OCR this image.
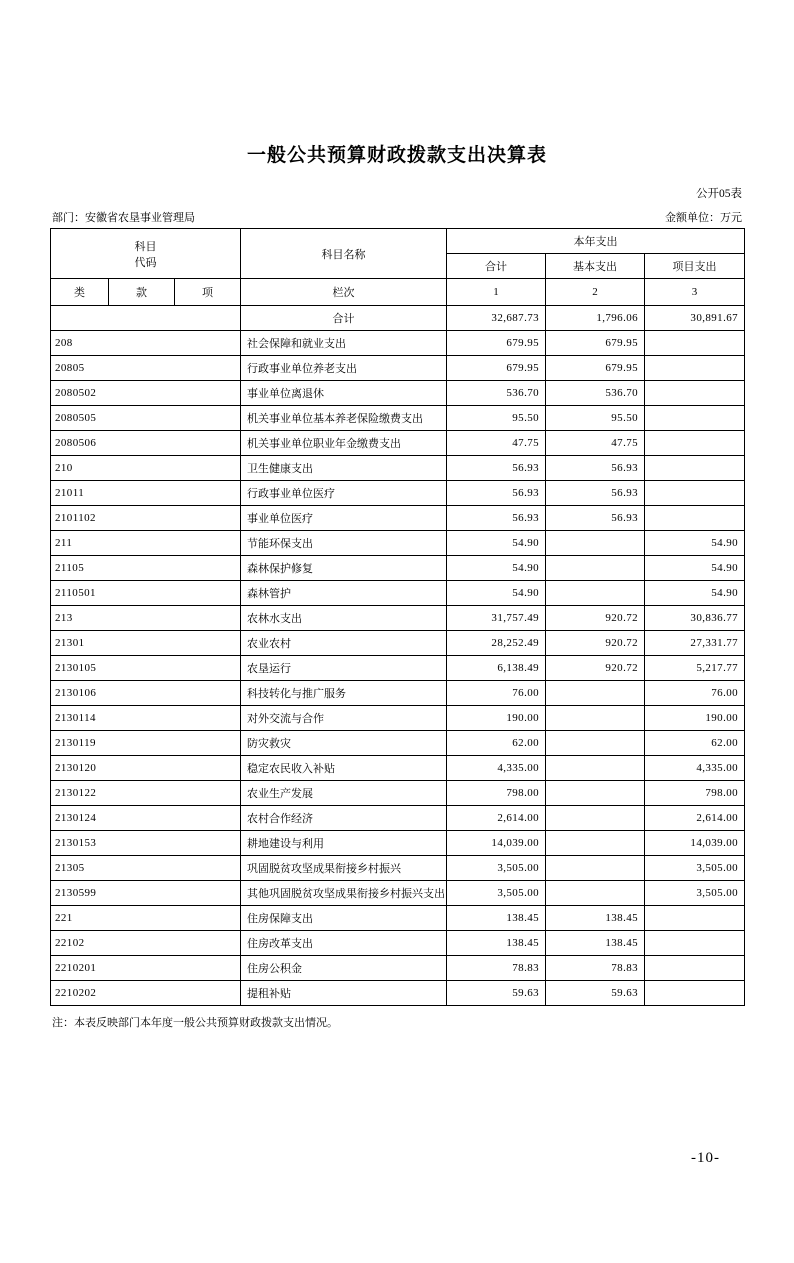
一般公共预算财政拨款支出决算表
公开05表
部门：安徽省农垦事业管理局	金额单位：万元
科目
代码			科目名称	本年支出		
				合计	基本支出	项目支出
类	款	项	栏次	1	2	3
			合计	32,687.73	1,796.06	30,891.67
208			社会保障和就业支出	679.95	679.95	
20805			行政事业单位养老支出	679.95	679.95	
2080502			事业单位离退休	536.70	536.70	
2080505			机关事业单位基本养老保险缴费支出	95.50	95.50	
2080506			机关事业单位职业年金缴费支出	47.75	47.75	
210			卫生健康支出	56.93	56.93	
21011			行政事业单位医疗	56.93	56.93	
2101102			事业单位医疗	56.93	56.93	
211			节能环保支出	54.90		54.90
21105			森林保护修复	54.90		54.90
2110501			森林管护	54.90		54.90
213			农林水支出	31,757.49	920.72	30,836.77
21301			农业农村	28,252.49	920.72	27,331.77
2130105			农垦运行	6,138.49	920.72	5,217.77
2130106			科技转化与推广服务	76.00		76.00
2130114			对外交流与合作	190.00		190.00
2130119			防灾救灾	62.00		62.00
2130120			稳定农民收入补贴	4,335.00		4,335.00
2130122			农业生产发展	798.00		798.00
2130124			农村合作经济	2,614.00		2,614.00
2130153			耕地建设与利用	14,039.00		14,039.00
21305			巩固脱贫攻坚成果衔接乡村振兴	3,505.00		3,505.00
2130599			其他巩固脱贫攻坚成果衔接乡村振兴支出	3,505.00		3,505.00
221			住房保障支出	138.45	138.45	
22102			住房改革支出	138.45	138.45	
2210201			住房公积金	78.83	78.83	
2210202			提租补贴	59.63	59.63	
注：本表反映部门本年度一般公共预算财政拨款支出情况。
-10-
